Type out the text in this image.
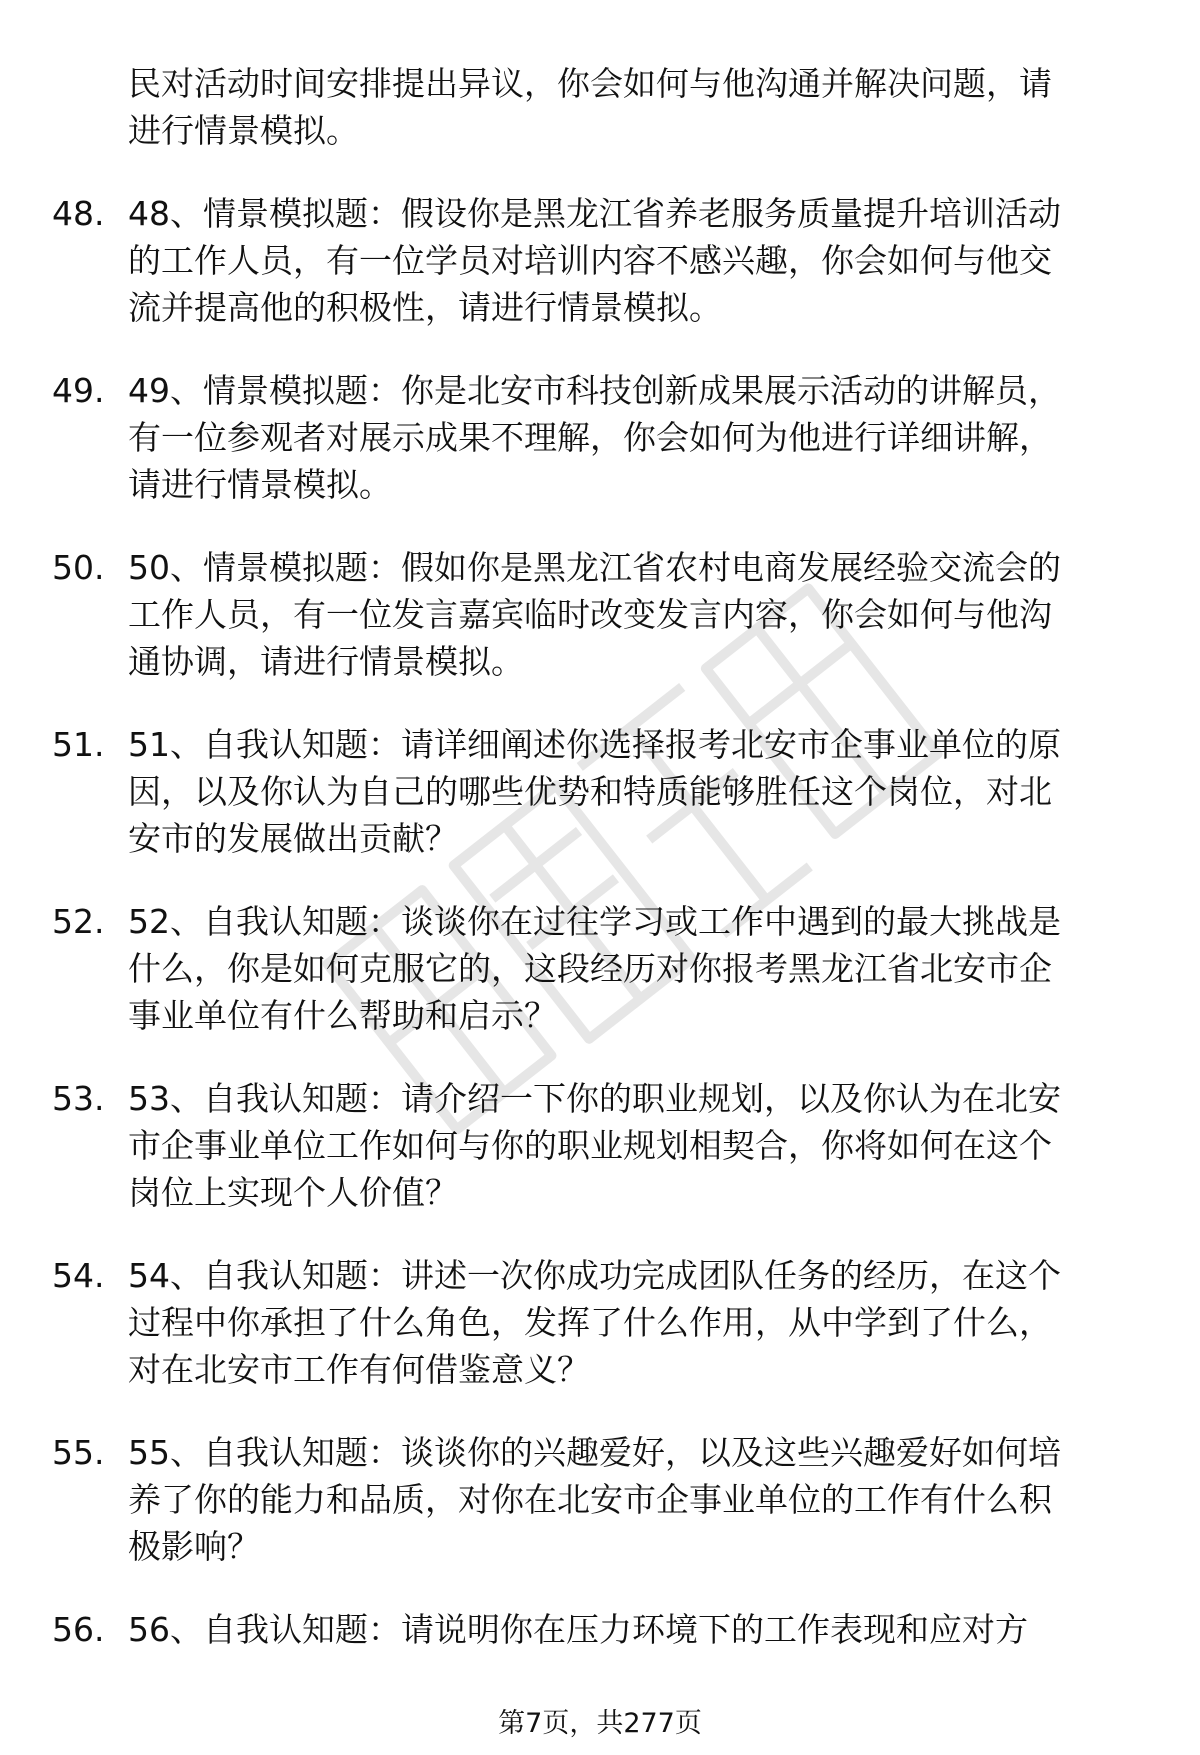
民对活动时间安排提出异议，你会如何与他沟通并解决问题，请
进行情景模拟。
48. 48、情景模拟题：假设你是黑龙江省养老服务质量提升培训活动
的工作人员，有一位学员对培训内容不感兴趣，你会如何与他交
流并提高他的积极性，请进行情景模拟。
49. 49、情景模拟题：你是北安市科技创新成果展示活动的讲解员，
有一位参观者对展示成果不理解，你会如何为他进行详细讲解，
请进行情景模拟。
50. 50、情景模拟题：假如你是黑龙江省农村电商发展经验交流会的
工作人员，有一位发言嘉宾临时改变发言内容，你会如何与他沟
通协调，请进行情景模拟。
51. 51、自我认知题：请详细阐述你选择报考北安市企事业单位的原
因，以及你认为自己的哪些优势和特质能够胜任这个岗位，对北
安市的发展做出贡献？
52. 52、自我认知题：谈谈你在过往学习或工作中遇到的最大挑战是
什么，你是如何克服它的，这段经历对你报考黑龙江省北安市企
事业单位有什么帮助和启示？
53. 53、自我认知题：请介绍一下你的职业规划，以及你认为在北安
市企事业单位工作如何与你的职业规划相契合，你将如何在这个
岗位上实现个人价值？
54. 54、自我认知题：讲述一次你成功完成团队任务的经历，在这个
过程中你承担了什么角色，发挥了什么作用，从中学到了什么，
对在北安市工作有何借鉴意义？
55. 55、自我认知题：谈谈你的兴趣爱好，以及这些兴趣爱好如何培
养了你的能力和品质，对你在北安市企事业单位的工作有什么积
极影响？
56. 56、自我认知题：请说明你在压力环境下的工作表现和应对方
第7页，共277页
